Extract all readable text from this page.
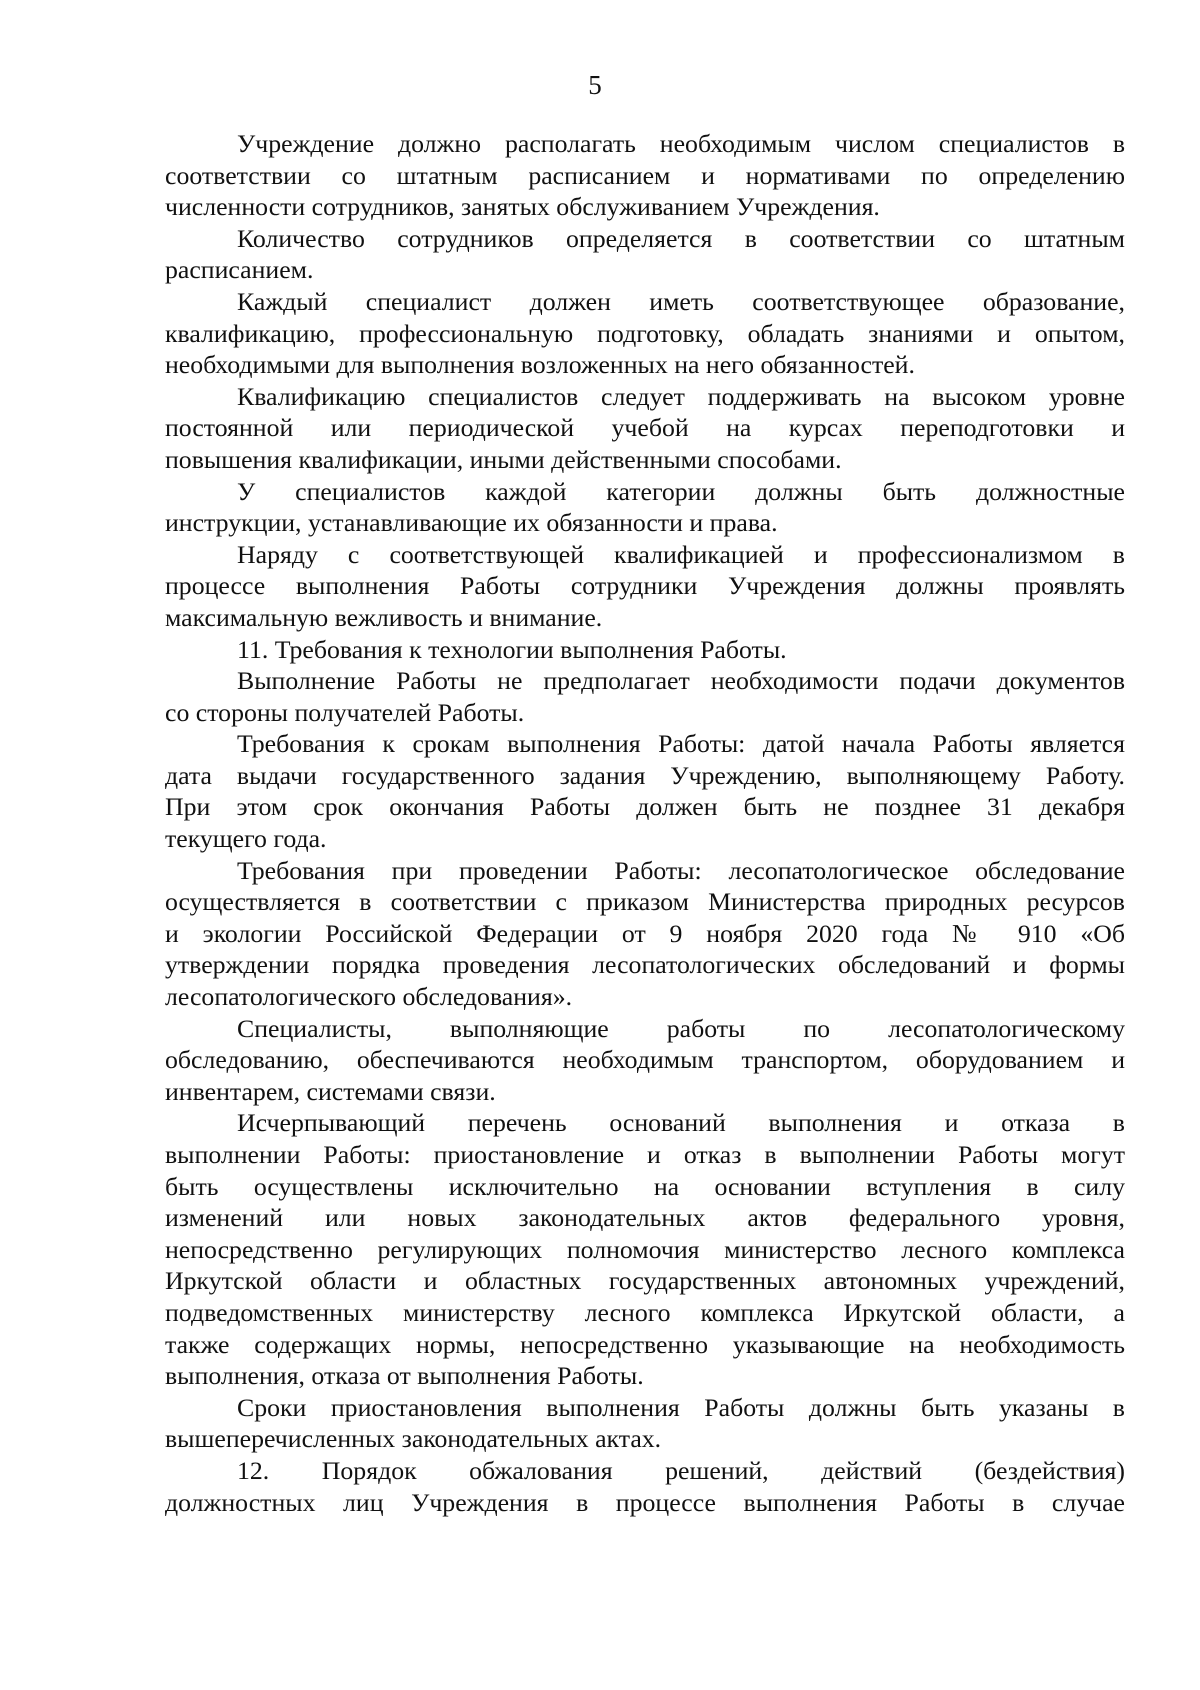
5
Учреждение должно располагать необходимым числом специалистов в
соответствии со штатным расписанием и нормативами по определению
численности сотрудников, занятых обслуживанием Учреждения.
Количество сотрудников определяется в соответствии со штатным
расписанием.
Каждый специалист должен иметь соответствующее образование,
квалификацию, профессиональную подготовку, обладать знаниями и опытом,
необходимыми для выполнения возложенных на него обязанностей.
Квалификацию специалистов следует поддерживать на высоком уровне
постоянной или периодической учебой на курсах переподготовки и
повышения квалификации, иными действенными способами.
У специалистов каждой категории должны быть должностные
инструкции, устанавливающие их обязанности и права.
Наряду с соответствующей квалификацией и профессионализмом в
процессе выполнения Работы сотрудники Учреждения должны проявлять
максимальную вежливость и внимание.
11. Требования к технологии выполнения Работы.
Выполнение Работы не предполагает необходимости подачи документов
со стороны получателей Работы.
Требования к срокам выполнения Работы: датой начала Работы является
дата выдачи государственного задания Учреждению, выполняющему Работу.
При этом срок окончания Работы должен быть не позднее 31 декабря
текущего года.
Требования при проведении Работы: лесопатологическое обследование
осуществляется в соответствии с приказом Министерства природных ресурсов
и экологии Российской Федерации от 9 ноября 2020 года № 910 «Об
утверждении порядка проведения лесопатологических обследований и формы
лесопатологического обследования».
Специалисты, выполняющие работы по лесопатологическому
обследованию, обеспечиваются необходимым транспортом, оборудованием и
инвентарем, системами связи.
Исчерпывающий перечень оснований выполнения и отказа в
выполнении Работы: приостановление и отказ в выполнении Работы могут
быть осуществлены исключительно на основании вступления в силу
изменений или новых законодательных актов федерального уровня,
непосредственно регулирующих полномочия министерство лесного комплекса
Иркутской области и областных государственных автономных учреждений,
подведомственных министерству лесного комплекса Иркутской области, а
также содержащих нормы, непосредственно указывающие на необходимость
выполнения, отказа от выполнения Работы.
Сроки приостановления выполнения Работы должны быть указаны в
вышеперечисленных законодательных актах.
12. Порядок обжалования решений, действий (бездействия)
должностных лиц Учреждения в процессе выполнения Работы в случае
